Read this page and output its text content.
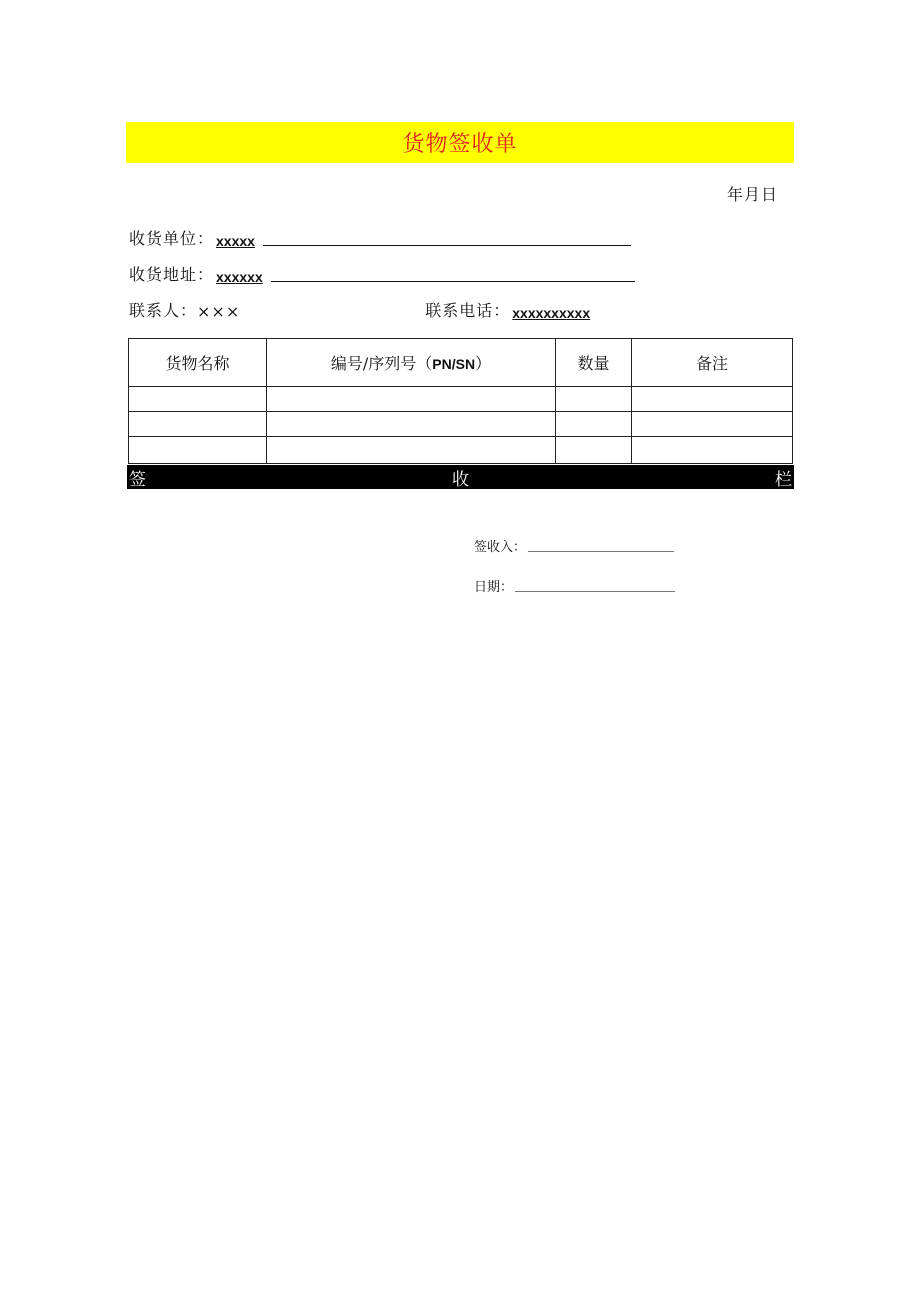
货物签收单
年月日
收货单位： xxxxx
收货地址： xxxxxx
联系人： ×××	联系电话： xxxxxxxxxx
货物名称	编号/序列号（PN/SN）	数量	备注

签	收	栏
签收入：
日期：
